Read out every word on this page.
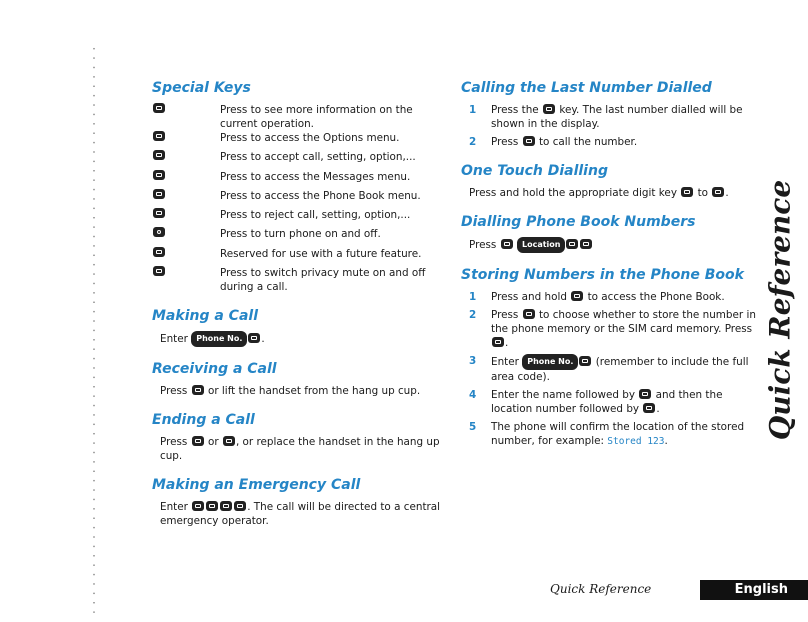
Special Keys
Press to see more information on the current operation.
Press to access the Options menu.
Press to accept call, setting, option,...
Press to access the Messages menu.
Press to access the Phone Book menu.
Press to reject call, setting, option,...
Press to turn phone on and off.
Reserved for use with a future feature.
Press to switch privacy mute on and off during a call.
Making a Call

Enter Phone No. .

Receiving a Call

Press or lift the handset from the hang up cup.

Ending a Call

Press or , or replace the handset in the hang up cup.

Making an Emergency Call

Enter	. The call will be directed to a central emergency operator.

Calling the Last Number Dialled
1	Press the key. The last number dialled will be shown in the display.
2	Press to call the number.
One Touch Dialling

Press and hold the appropriate digit key to .

Dialling Phone Book Numbers

Press	Location

Storing Numbers in the Phone Book
1	Press and hold to access the Phone Book.
2	Press to choose whether to store the number in the phone memory or the SIM card memory. Press .
3	Enter Phone No. (remember to include the full area code).
4	Enter the name followed by and then the location number followed by .
5	The phone will confirm the location of the stored number, for example: Stored 123.
Quick Reference
Quick Reference	English
